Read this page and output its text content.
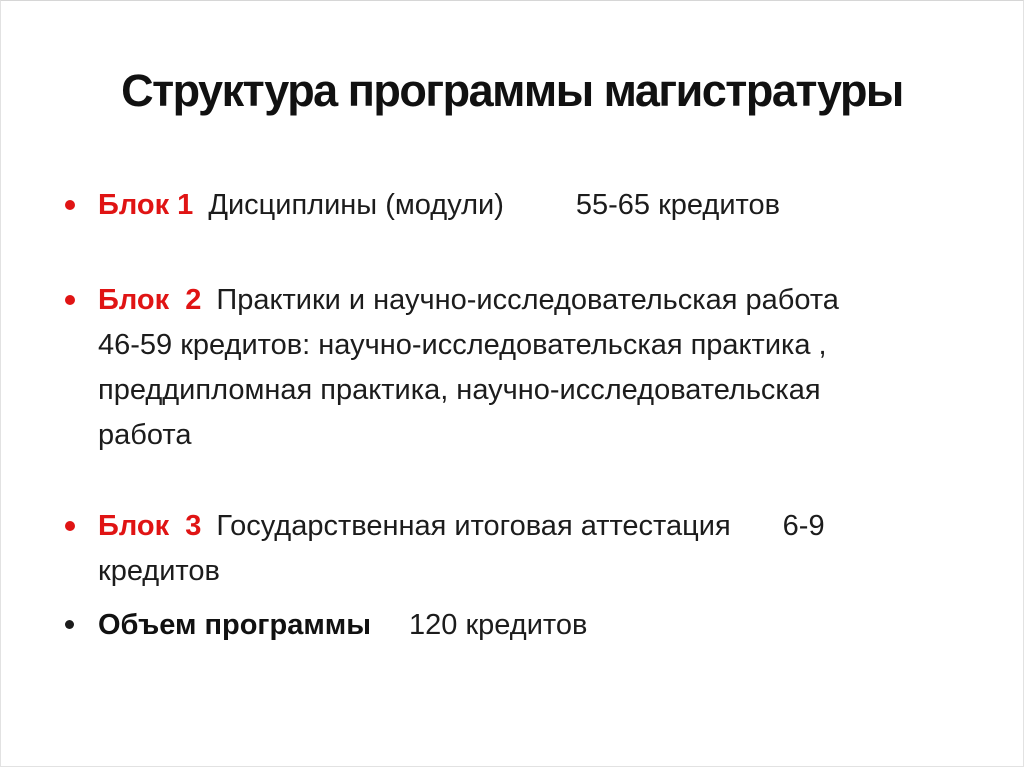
Структура программы магистратуры
Блок 1 Дисциплины (модули) 55-65 кредитов
Блок  2 Практики и научно-исследовательская работа
46-59 кредитов: научно-исследовательская практика ,
преддипломная практика, научно-исследовательская
работа
Блок  3 Государственная итоговая аттестация 6-9
кредитов
Объем программы 120 кредитов
